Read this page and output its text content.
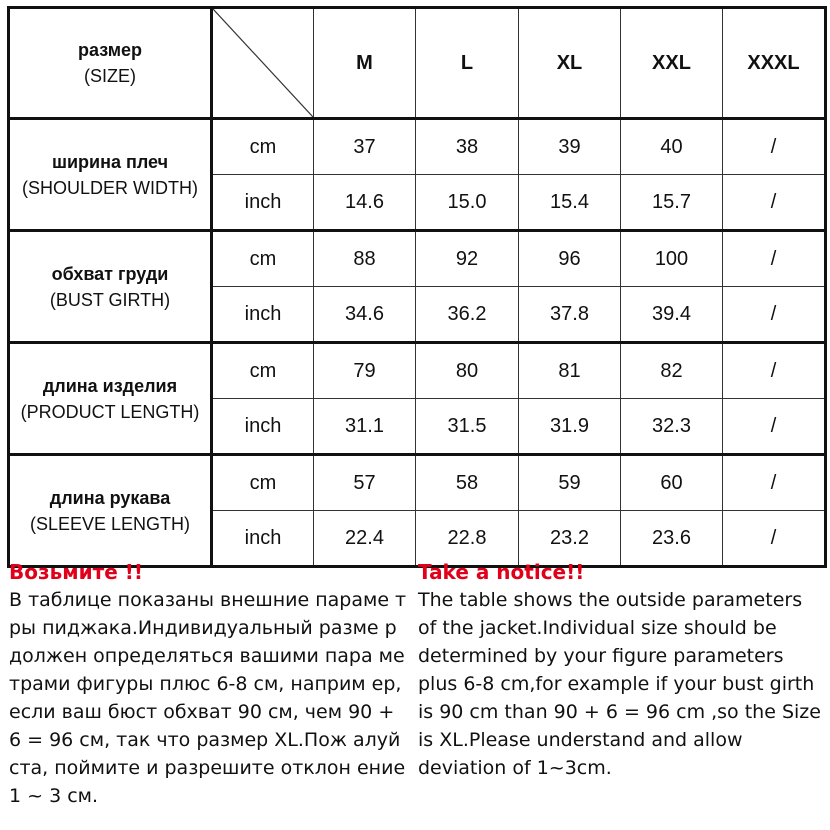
размер
(SIZE)		M	L	XL	XXL	XXXL

ширина плеч
(SHOULDER WIDTH)	cm	37	38	39	40	/
	inch	14.6	15.0	15.4	15.7	/

обхват груди
(BUST GIRTH)	cm	88	92	96	100	/
	inch	34.6	36.2	37.8	39.4	/

длина изделия
(PRODUCT LENGTH)	cm	79	80	81	82	/
	inch	31.1	31.5	31.9	32.3	/

длина рукава
(SLEEVE LENGTH)	cm	57	58	59	60	/
	inch	22.4	22.8	23.2	23.6	/
Возьмите !!
В таблице показаны внешние параме тры пиджака.Индивидуальный разме р должен определяться вашими пара метрами фигуры плюс 6-8 см, наприм ер, если ваш бюст обхват 90 см, чем 90 + 6 = 96 см, так что размер XL.Пож алуйста, поймите и разрешите отклон ение 1 ~ 3 см.
Take a notice!!
The table shows the outside parameters of the jacket.Individual size should be determined by your figure parameters plus 6-8 cm,for example if your bust girth is 90 cm than 90 + 6 = 96 cm ,so the Size is XL.Please understand and allow deviation of 1~3cm.
